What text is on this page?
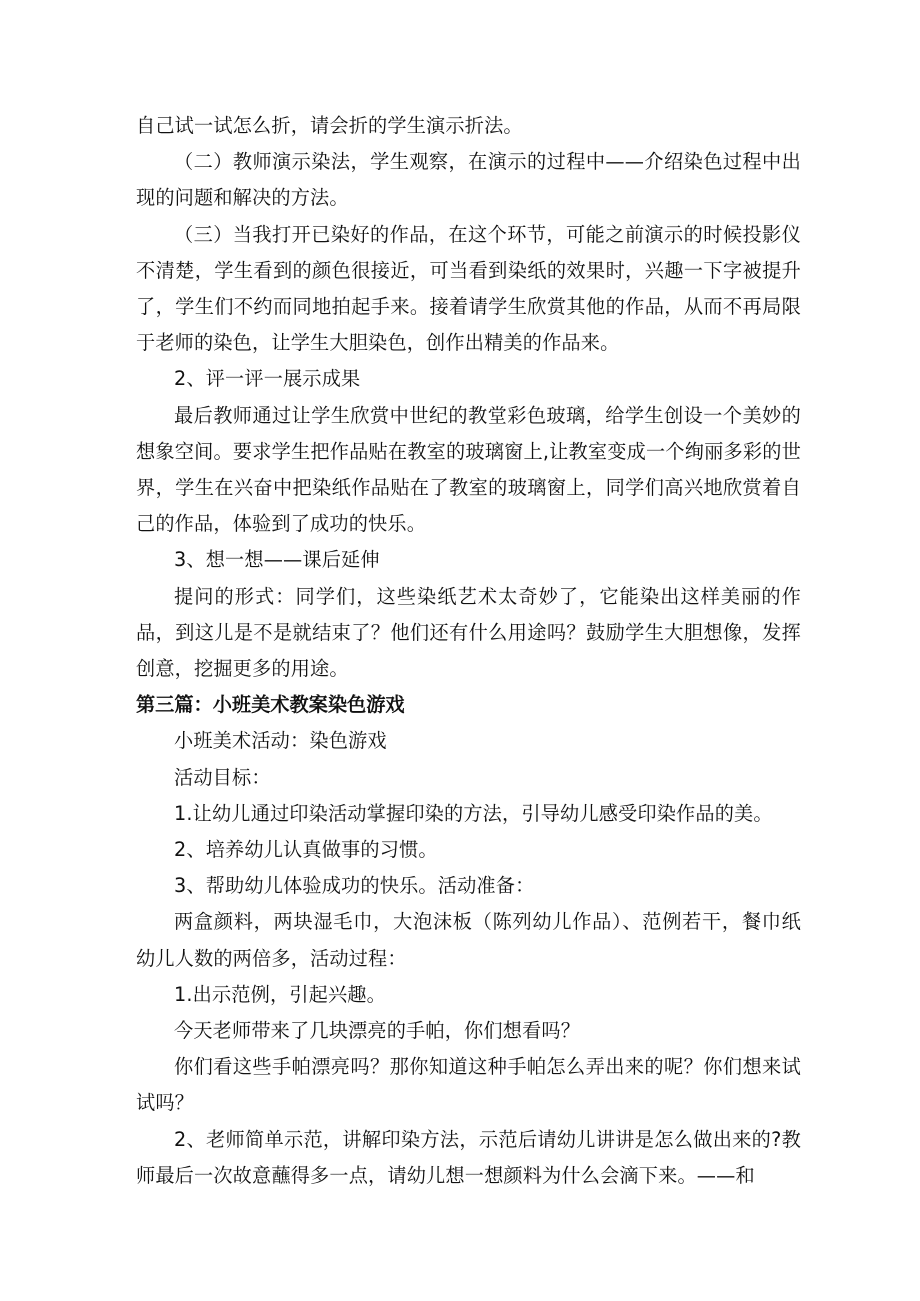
自己试一试怎么折，请会折的学生演示折法。

（二）教师演示染法，学生观察，在演示的过程中——介绍染色过程中出现的问题和解决的方法。

（三）当我打开已染好的作品，在这个环节，可能之前演示的时候投影仪不清楚，学生看到的颜色很接近，可当看到染纸的效果时，兴趣一下字被提升了，学生们不约而同地拍起手来。接着请学生欣赏其他的作品，从而不再局限于老师的染色，让学生大胆染色，创作出精美的作品来。

2、评一评一展示成果

最后教师通过让学生欣赏中世纪的教堂彩色玻璃，给学生创设一个美妙的想象空间。要求学生把作品贴在教室的玻璃窗上,让教室变成一个绚丽多彩的世界，学生在兴奋中把染纸作品贴在了教室的玻璃窗上，同学们高兴地欣赏着自己的作品，体验到了成功的快乐。

3、想一想——课后延伸

提问的形式：同学们，这些染纸艺术太奇妙了，它能染出这样美丽的作品，到这儿是不是就结束了？他们还有什么用途吗？鼓励学生大胆想像，发挥创意，挖掘更多的用途。

第三篇：小班美术教案染色游戏

小班美术活动：染色游戏

活动目标：

1.让幼儿通过印染活动掌握印染的方法，引导幼儿感受印染作品的美。

2、培养幼儿认真做事的习惯。

3、帮助幼儿体验成功的快乐。活动准备：

两盒颜料，两块湿毛巾，大泡沫板（陈列幼儿作品）、范例若干，餐巾纸幼儿人数的两倍多，活动过程：

1.出示范例，引起兴趣。

今天老师带来了几块漂亮的手帕，你们想看吗？

你们看这些手帕漂亮吗？那你知道这种手帕怎么弄出来的呢？你们想来试试吗？

2、老师简单示范，讲解印染方法，示范后请幼儿讲讲是怎么做出来的?教师最后一次故意蘸得多一点，请幼儿想一想颜料为什么会滴下来。——和
